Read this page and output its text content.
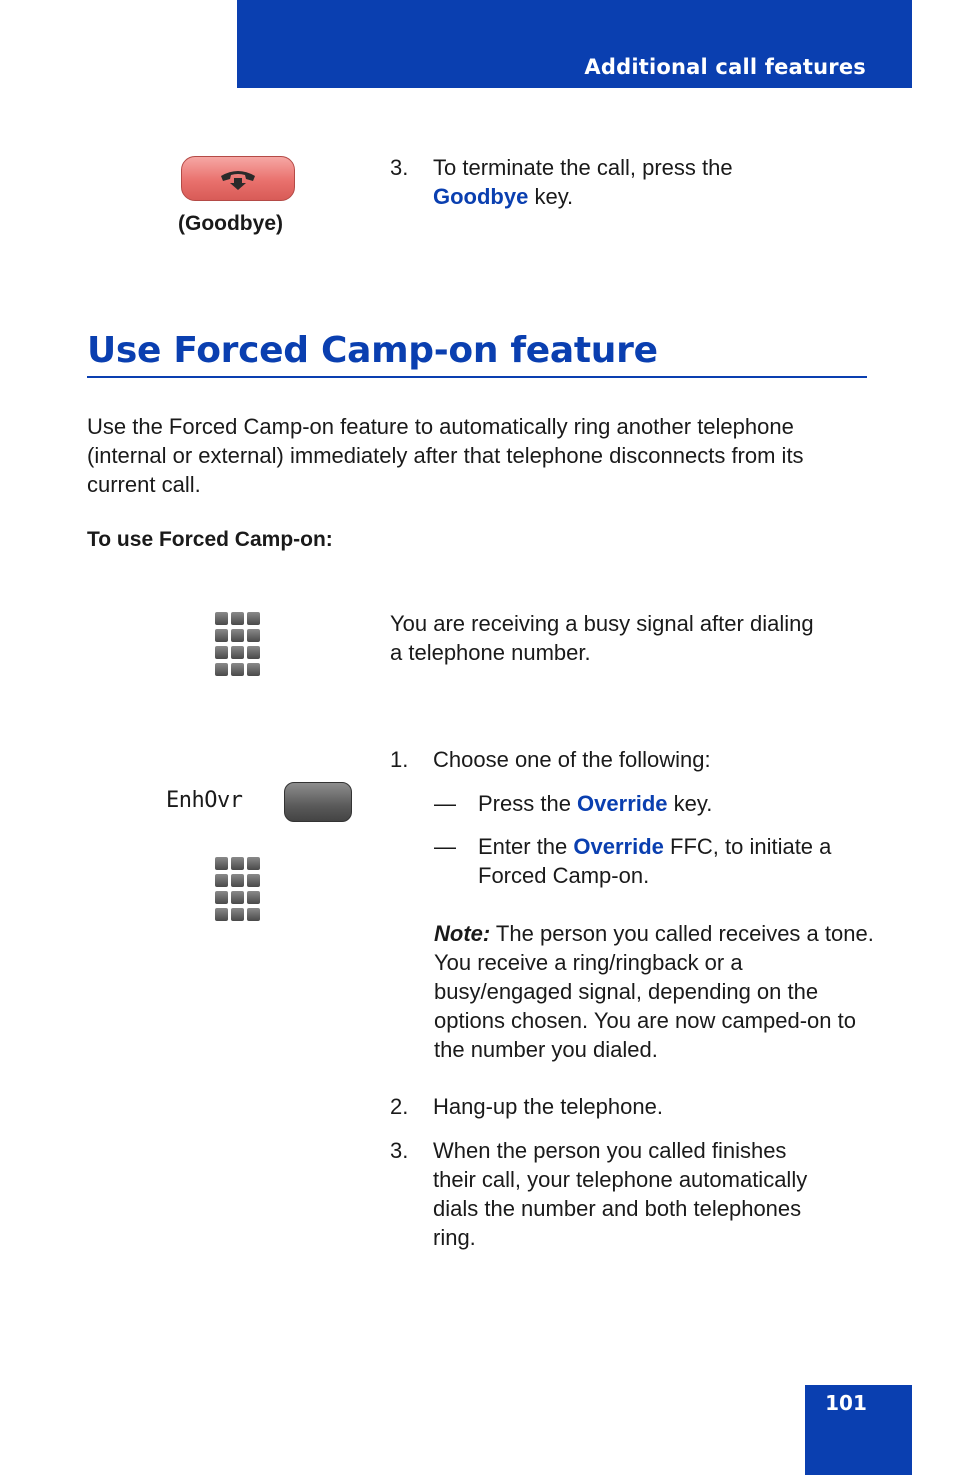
Additional call features
(Goodbye)
3. To terminate the call, press the
Goodbye key.
Use Forced Camp-on feature
Use the Forced Camp-on feature to automatically ring another telephone (internal or external) immediately after that telephone disconnects from its current call.
To use Forced Camp-on:
You are receiving a busy signal after dialing
a telephone number.
1. Choose one of the following:
EnhOvr	— Press the Override key.
— Enter the Override FFC, to initiate a
Forced Camp-on.
Note: The person you called receives a tone. You receive a ring/ringback or a busy/engaged signal, depending on the options chosen. You are now camped-on to the number you dialed.
2. Hang-up the telephone.
3. When the person you called finishes
their call, your telephone automatically
dials the number and both telephones
ring.
101
